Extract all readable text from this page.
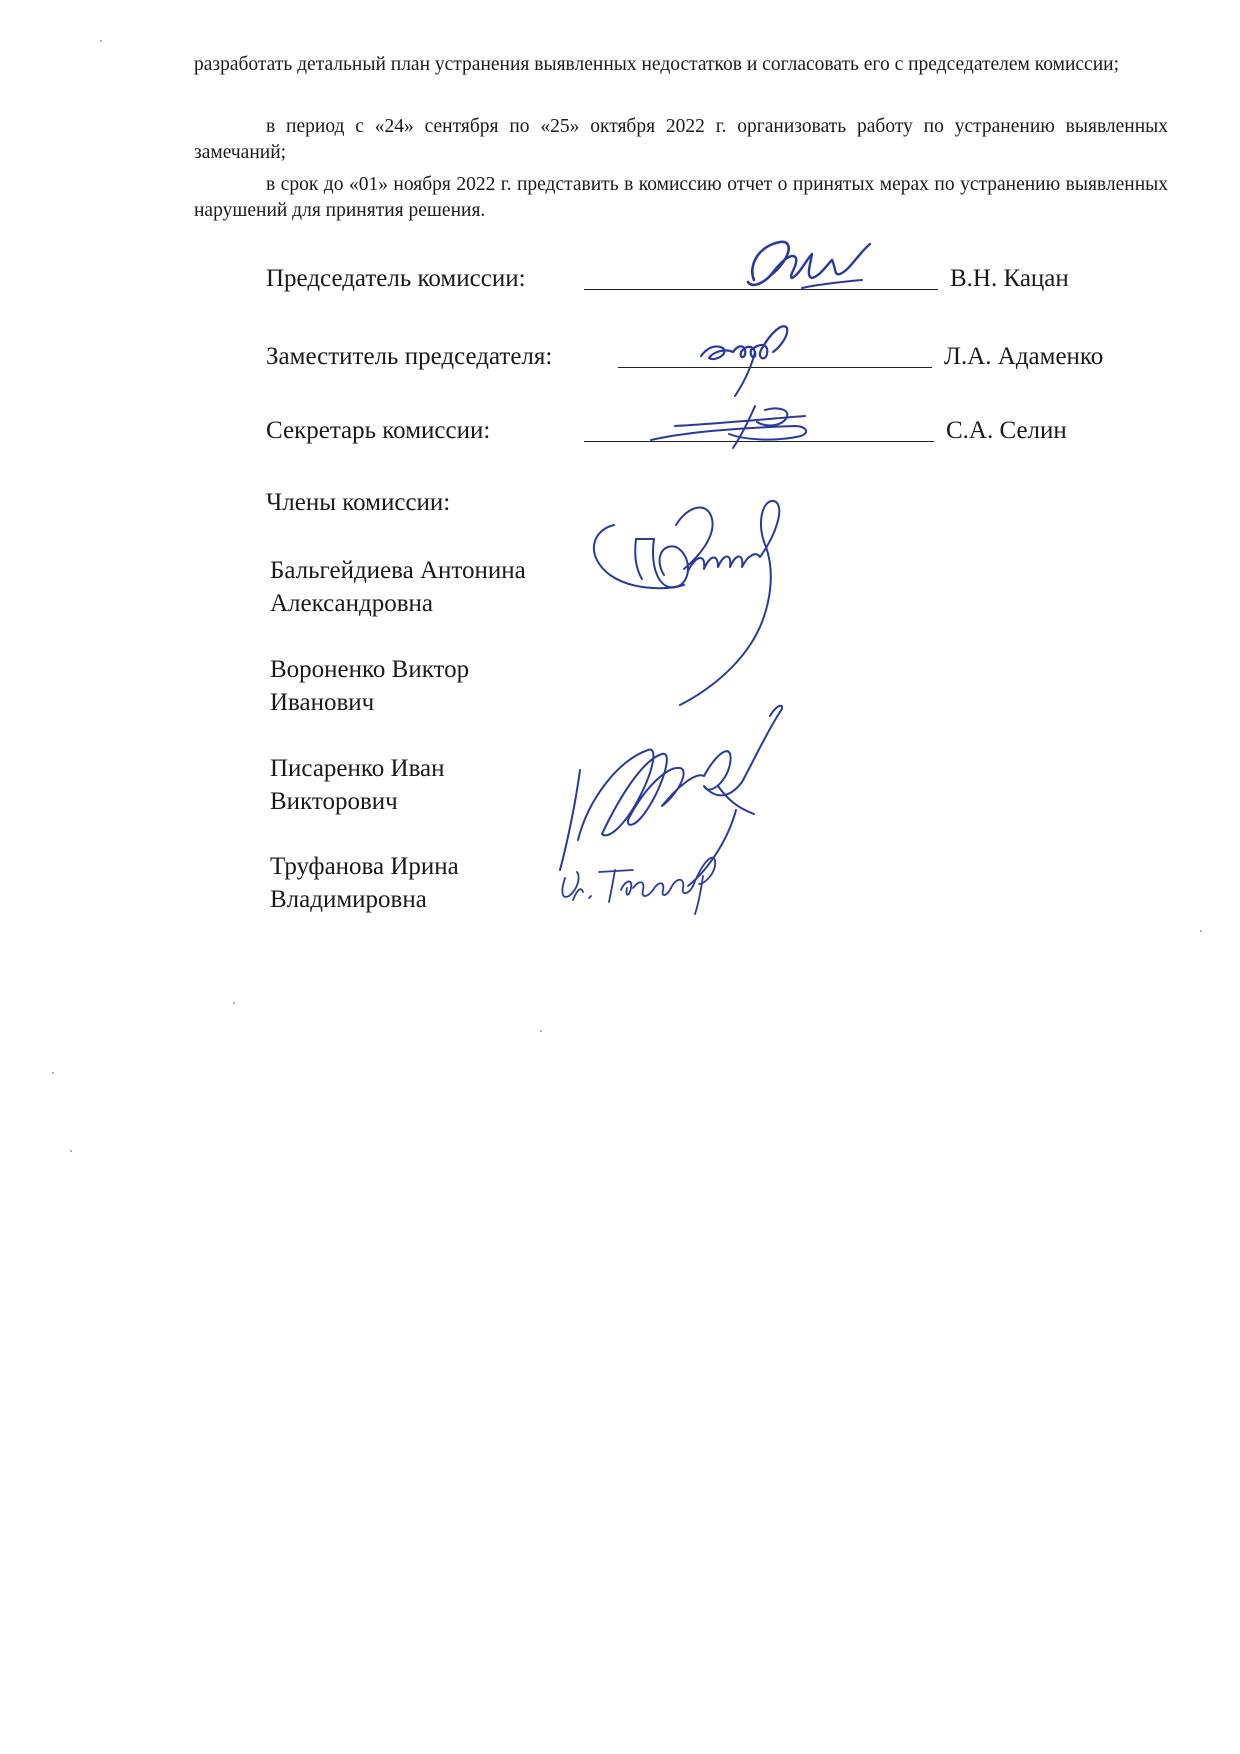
разработать детальный план устранения выявленных недостатков и согласовать его с председателем комиссии;

в период с «24» сентября по «25» октября 2022 г. организовать работу по устранению выявленных замечаний;

в срок до «01» ноября 2022 г. представить в комиссию отчет о принятых мерах по устранению выявленных нарушений для принятия решения.

Председатель комиссии:	В.Н. Кацан
Заместитель председателя:	Л.А. Адаменко
Секретарь комиссии:	С.А. Селин
Члены комиссии:
Бальгейдиева Антонина
Александровна
Вороненко Виктор
Иванович
Писаренко Иван
Викторович
Труфанова Ирина
Владимировна
